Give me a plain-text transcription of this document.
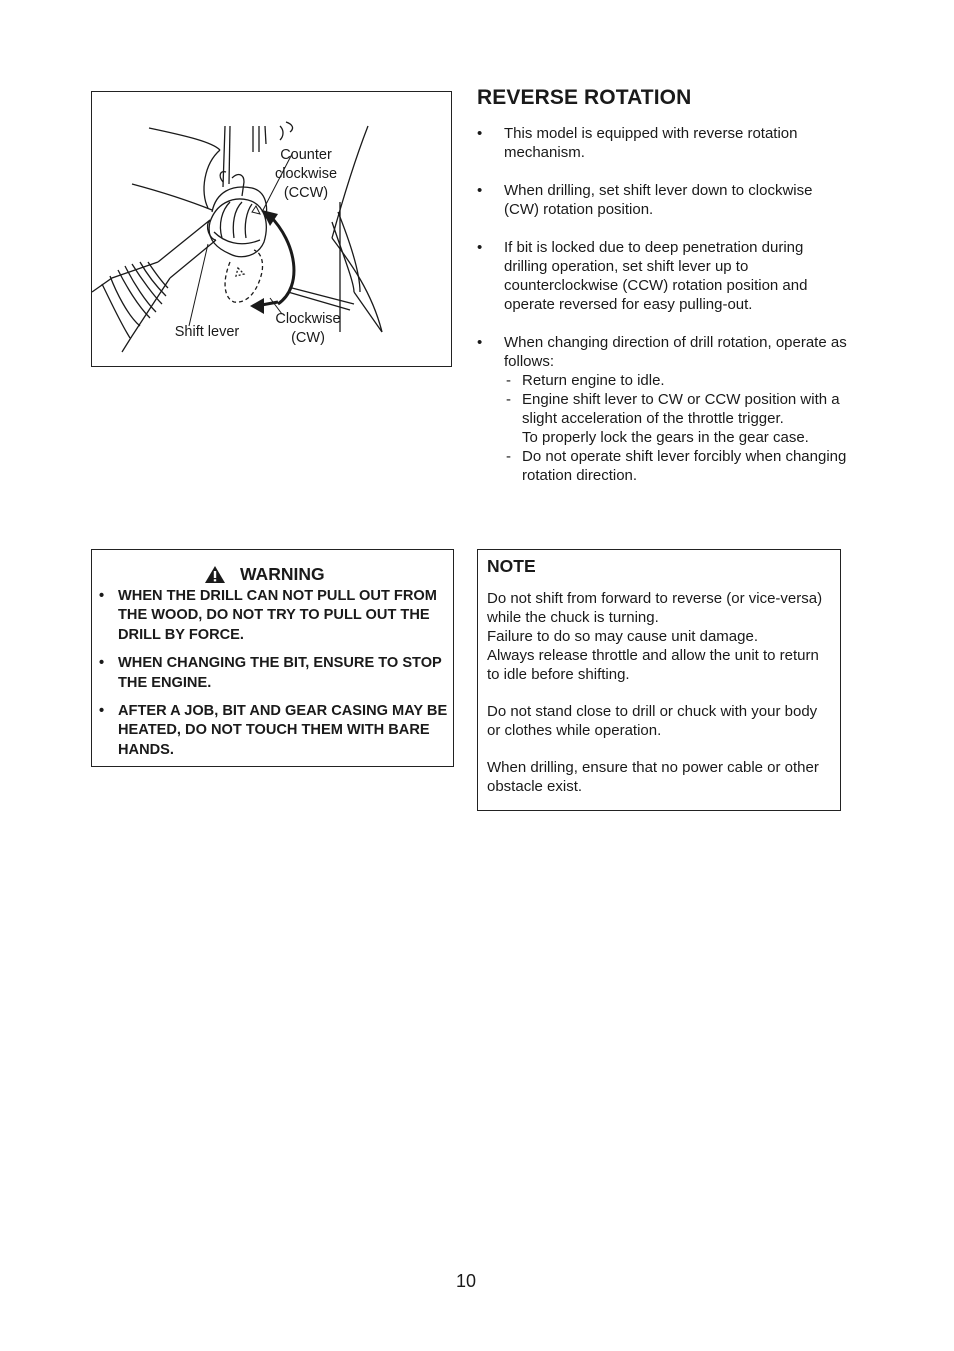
Counter
clockwise
(CCW)
Clockwise
(CW)
Shift lever
REVERSE ROTATION
• This model is equipped with reverse rotation mechanism.
• When drilling, set shift lever down to clockwise (CW) rotation position.
• If bit is locked due to deep penetration during drilling operation, set shift lever up to counterclockwise (CCW) rotation position and operate reversed for easy pulling-out.
• When changing direction of drill rotation, operate as follows:
- Return engine to idle.
- Engine shift lever to CW or CCW position with a slight acceleration of the throttle trigger.
To properly lock the gears in the gear case.
- Do not operate shift lever forcibly when changing rotation direction.
WARNING
• WHEN THE DRILL CAN NOT PULL OUT FROM THE WOOD, DO NOT TRY TO PULL OUT THE DRILL BY FORCE.
• WHEN CHANGING THE BIT, ENSURE TO STOP THE ENGINE.
• AFTER A JOB, BIT AND GEAR CASING MAY BE HEATED, DO NOT TOUCH THEM WITH BARE HANDS.
NOTE

Do not shift from forward to reverse (or vice-versa) while the chuck is turning.
Failure to do so may cause unit damage.
Always release throttle and allow the unit to return to idle before shifting.

Do not stand close to drill or chuck with your body or clothes while operation.

When drilling, ensure that no power cable or other obstacle exist.

10
